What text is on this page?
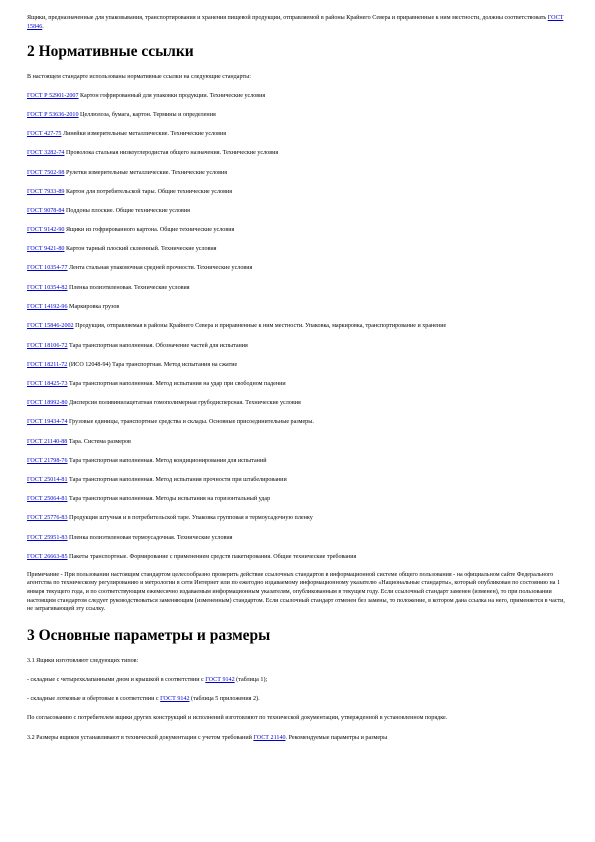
Ящики, предназначенные для упаковывания, транспортирования и хранения пищевой продукции, отправляемой в районы Крайнего Севера и приравненные к ним местности, должны соответствовать ГОСТ 15846.

2 Нормативные ссылки

В настоящем стандарте использованы нормативные ссылки на следующие стандарты:

ГОСТ Р 52901-2007 Картон гофрированный для упаковки продукции. Технические условия

ГОСТ Р 53636-2010 Целлюлоза, бумага, картон. Термины и определения

ГОСТ 427-75 Линейки измерительные металлические. Технические условия

ГОСТ 3282-74 Проволока стальная низкоуглеродистая общего назначения. Технические условия

ГОСТ 7502-98 Рулетки измерительные металлические. Технические условия

ГОСТ 7933-89 Картон для потребительской тары. Общие технические условия

ГОСТ 9078-84 Поддоны плоские. Общие технические условия

ГОСТ 9142-90 Ящики из гофрированного картона. Общие технические условия

ГОСТ 9421-80 Картон тарный плоский склеенный. Технические условия

ГОСТ 10354-77 Лента стальная упаковочная средней прочности. Технические условия

ГОСТ 10354-82 Пленка полиэтиленовая. Технические условия

ГОСТ 14192-96 Маркировка грузов

ГОСТ 15846-2002 Продукция, отправляемая в районы Крайнего Севера и приравненные к ним местности. Упаковка, маркировка, транспортирование и хранение

ГОСТ 18106-72 Тара транспортная наполненная. Обозначение частей для испытания

ГОСТ 18211-72 (ИСО 12048-94) Тара транспортная. Метод испытания на сжатие

ГОСТ 18425-73 Тара транспортная наполненная. Метод испытания на удар при свободном падении

ГОСТ 18992-80 Дисперсия поливинилацетатная гомополимерная грубодисперсная. Технические условия

ГОСТ 19434-74 Грузовые единицы, транспортные средства и склады. Основные присоединительные размеры.

ГОСТ 21140-88 Тара. Система размеров

ГОСТ 21798-76 Тара транспортная наполненная. Метод кондиционирования для испытаний

ГОСТ 25014-81 Тара транспортная наполненная. Метод испытания прочности при штабелировании

ГОСТ 25064-81 Тара транспортная наполненная. Методы испытания на горизонтальный удар

ГОСТ 25776-83 Продукция штучная и в потребительской таре. Упаковка групповая в термоусадочную пленку

ГОСТ 25951-83 Пленка полиэтиленовая термоусадочная. Технические условия

ГОСТ 26663-85 Пакеты транспортные. Формирование с применением средств пакетирования. Общие технические требования

Примечание - При пользовании настоящим стандартом целесообразно проверить действие ссылочных стандартов в информационной системе общего пользования - на официальном сайте Федерального агентства по техническому регулированию и метрологии в сети Интернет или по ежегодно издаваемому информационному указателю «Национальные стандарты», который опубликован по состоянию на 1 января текущего года, и по соответствующим ежемесячно издаваемым информационным указателям, опубликованным в текущем году. Если ссылочный стандарт заменен (изменен), то при пользовании настоящим стандартом следует руководствоваться заменяющим (измененным) стандартом. Если ссылочный стандарт отменен без замены, то положение, в котором дана ссылка на него, применяется в части, не затрагивающей эту ссылку.

3 Основные параметры и размеры

3.1 Ящики изготовляют следующих типов:

- складные с четырехклапанными дном и крышкой в соответствии с ГОСТ 9142 (таблица 1);

- складные лотковые и обертовые в соответствии с ГОСТ 9142 (таблица 5 приложения 2).

По согласованию с потребителем ящики других конструкций и исполнений изготовляют по технической документации, утвержденной в установленном порядке.

3.2 Размеры ящиков устанавливают в технической документации с учетом требований ГОСТ 21140. Рекомендуемые параметры и размеры
